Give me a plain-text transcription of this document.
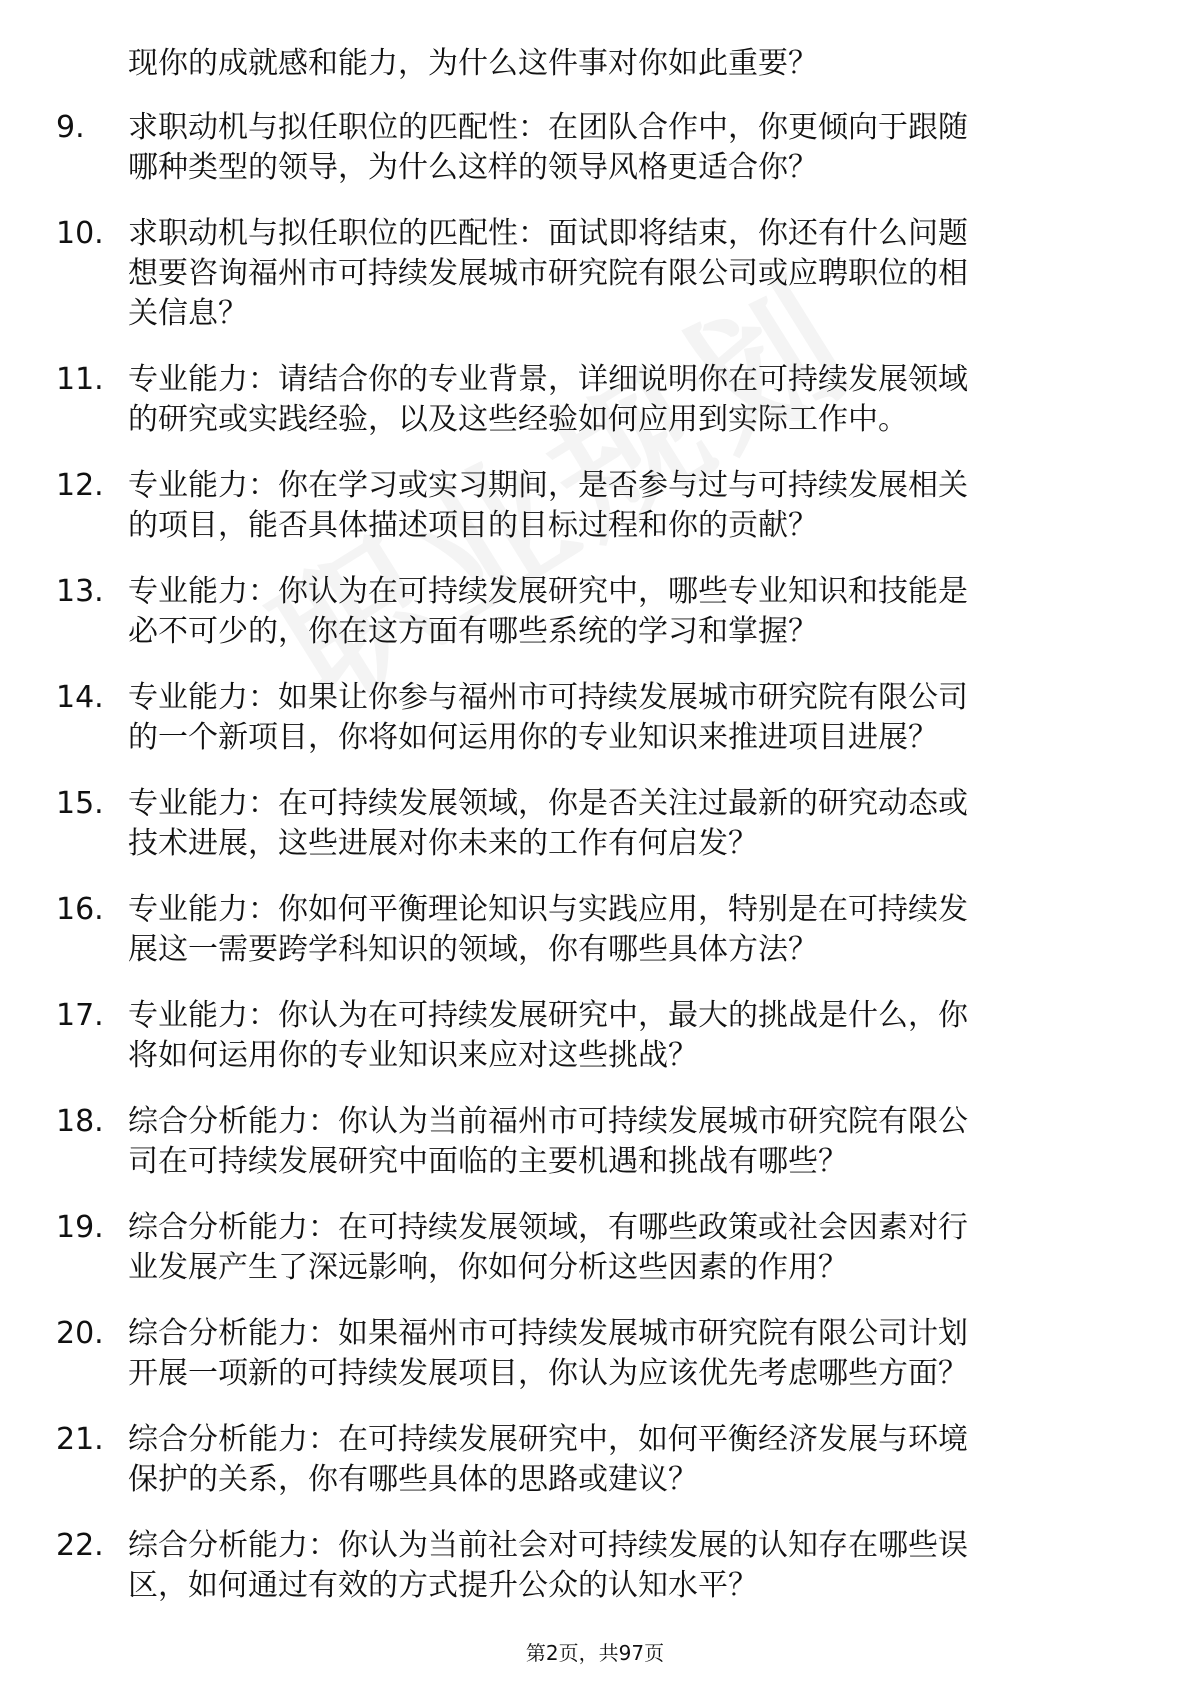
现你的成就感和能力，为什么这件事对你如此重要？
9.	求职动机与拟任职位的匹配性：在团队合作中，你更倾向于跟随
哪种类型的领导，为什么这样的领导风格更适合你？
10. 求职动机与拟任职位的匹配性：面试即将结束，你还有什么问题
想要咨询福州市可持续发展城市研究院有限公司或应聘职位的相
关信息？
11. 专业能力：请结合你的专业背景，详细说明你在可持续发展领域
的研究或实践经验，以及这些经验如何应用到实际工作中。
12. 专业能力：你在学习或实习期间，是否参与过与可持续发展相关
的项目，能否具体描述项目的目标过程和你的贡献？
13. 专业能力：你认为在可持续发展研究中，哪些专业知识和技能是
必不可少的，你在这方面有哪些系统的学习和掌握？
14. 专业能力：如果让你参与福州市可持续发展城市研究院有限公司
的一个新项目，你将如何运用你的专业知识来推进项目进展？
15. 专业能力：在可持续发展领域，你是否关注过最新的研究动态或
技术进展，这些进展对你未来的工作有何启发？
16. 专业能力：你如何平衡理论知识与实践应用，特别是在可持续发
展这一需要跨学科知识的领域，你有哪些具体方法？
17. 专业能力：你认为在可持续发展研究中，最大的挑战是什么，你
将如何运用你的专业知识来应对这些挑战？
18. 综合分析能力：你认为当前福州市可持续发展城市研究院有限公
司在可持续发展研究中面临的主要机遇和挑战有哪些？
19. 综合分析能力：在可持续发展领域，有哪些政策或社会因素对行
业发展产生了深远影响，你如何分析这些因素的作用？
20. 综合分析能力：如果福州市可持续发展城市研究院有限公司计划
开展一项新的可持续发展项目，你认为应该优先考虑哪些方面？
21. 综合分析能力：在可持续发展研究中，如何平衡经济发展与环境
保护的关系，你有哪些具体的思路或建议？
22. 综合分析能力：你认为当前社会对可持续发展的认知存在哪些误
区，如何通过有效的方式提升公众的认知水平？
第2页，共97页
